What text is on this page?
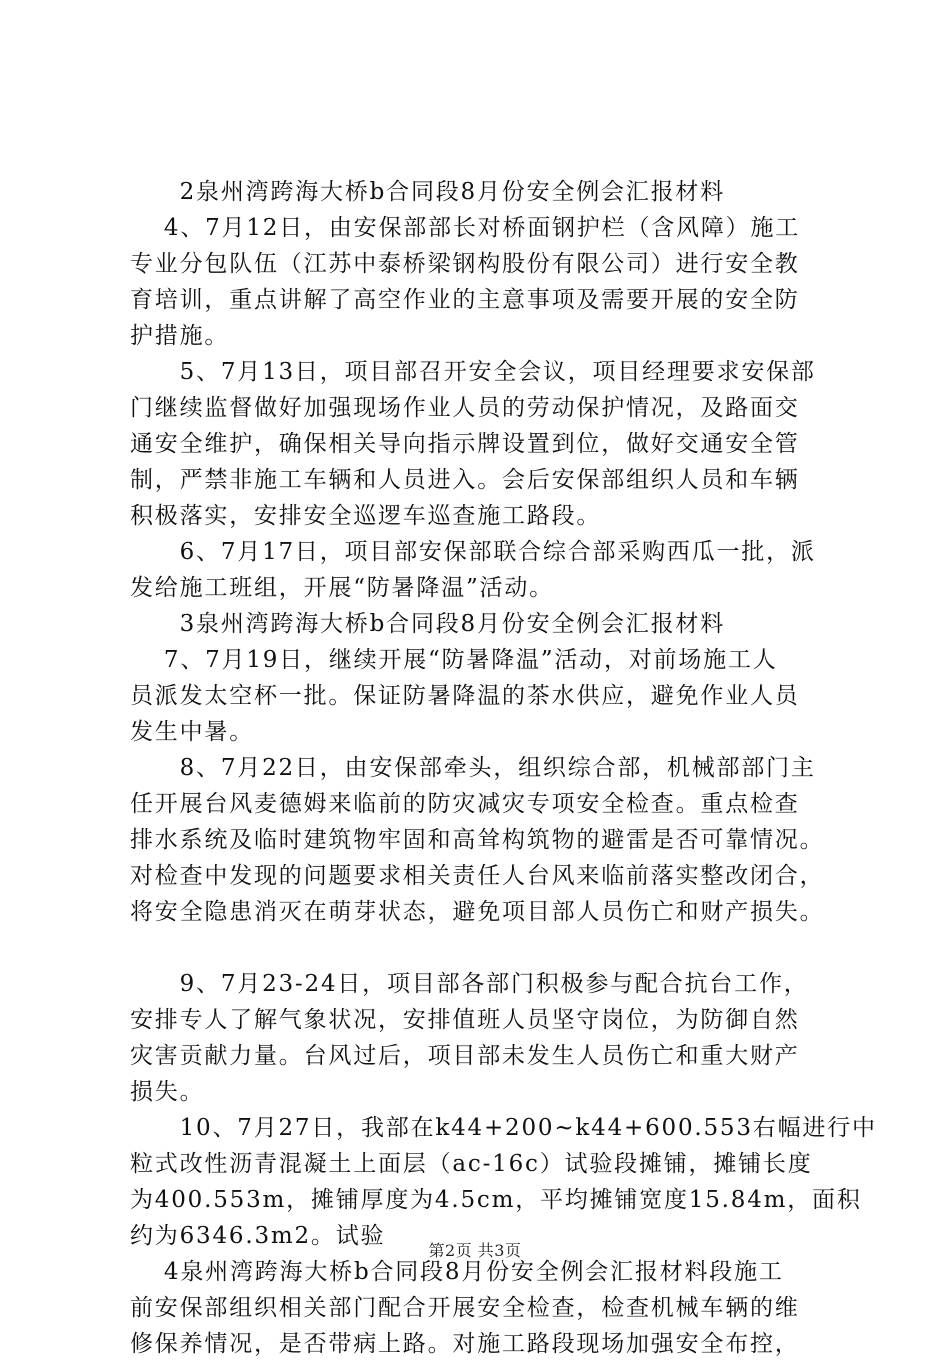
　　2泉州湾跨海大桥b合同段8月份安全例会汇报材料
　 4、7月12日，由安保部部长对桥面钢护栏（含风障）施工
专业分包队伍（江苏中泰桥梁钢构股份有限公司）进行安全教
育培训，重点讲解了高空作业的主意事项及需要开展的安全防
护措施。
　　5、7月13日，项目部召开安全会议，项目经理要求安保部
门继续监督做好加强现场作业人员的劳动保护情况，及路面交
通安全维护，确保相关导向指示牌设置到位，做好交通安全管
制，严禁非施工车辆和人员进入。会后安保部组织人员和车辆
积极落实，安排安全巡逻车巡查施工路段。
　　6、7月17日，项目部安保部联合综合部采购西瓜一批，派
发给施工班组，开展“防暑降温”活动。
　　3泉州湾跨海大桥b合同段8月份安全例会汇报材料
　 7、7月19日，继续开展“防暑降温”活动，对前场施工人
员派发太空杯一批。保证防暑降温的茶水供应，避免作业人员
发生中暑。
　　8、7月22日，由安保部牵头，组织综合部，机械部部门主
任开展台风麦德姆来临前的防灾减灾专项安全检查。重点检查
排水系统及临时建筑物牢固和高耸构筑物的避雷是否可靠情况。
对检查中发现的问题要求相关责任人台风来临前落实整改闭合，
将安全隐患消灭在萌芽状态，避免项目部人员伤亡和财产损失。
　　9、7月23-24日，项目部各部门积极参与配合抗台工作，
安排专人了解气象状况，安排值班人员坚守岗位，为防御自然
灾害贡献力量。台风过后，项目部未发生人员伤亡和重大财产
损失。
　　10、7月27日，我部在k44+200~k44+600.553右幅进行中
粒式改性沥青混凝土上面层（ac-16c）试验段摊铺，摊铺长度
为400.553m，摊铺厚度为4.5cm，平均摊铺宽度15.84m，面积
约为6346.3m2。试验
　 4泉州湾跨海大桥b合同段8月份安全例会汇报材料段施工
前安保部组织相关部门配合开展安全检查，检查机械车辆的维
修保养情况，是否带病上路。对施工路段现场加强安全布控，
第2页 共3页
